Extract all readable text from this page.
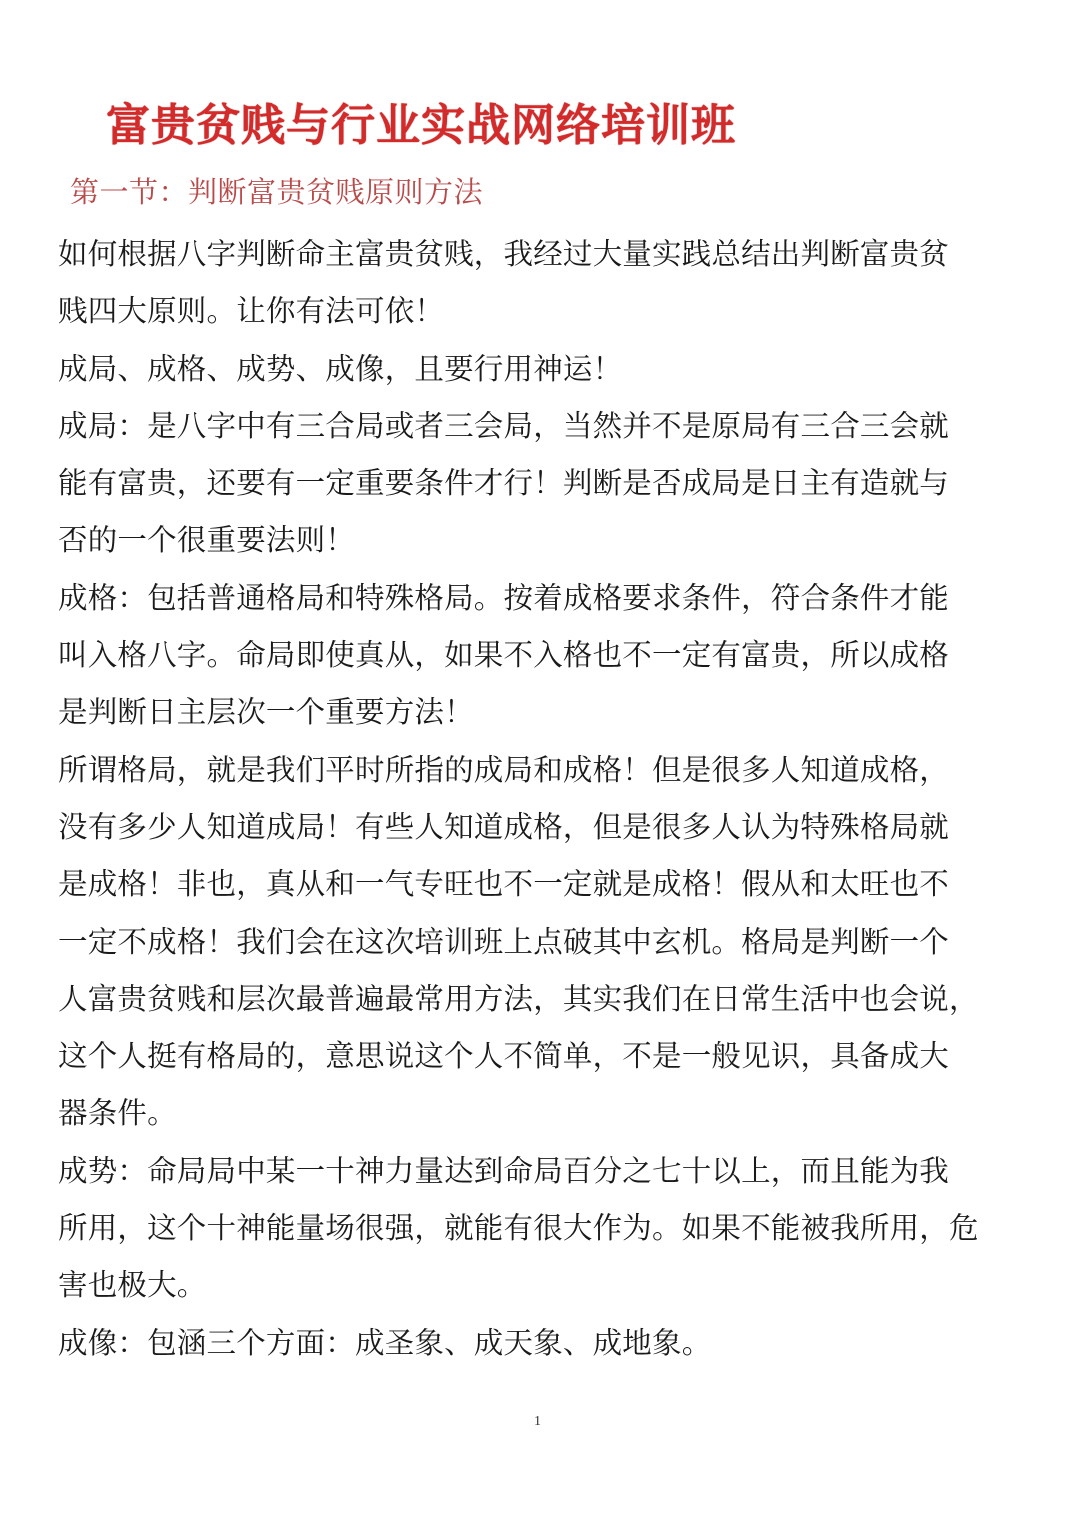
富贵贫贱与行业实战网络培训班
第一节：判断富贵贫贱原则方法
如何根据八字判断命主富贵贫贱，我经过大量实践总结出判断富贵贫
贱四大原则。让你有法可依！
成局、成格、成势、成像，且要行用神运！
成局：是八字中有三合局或者三会局，当然并不是原局有三合三会就
能有富贵，还要有一定重要条件才行！判断是否成局是日主有造就与
否的一个很重要法则！
成格：包括普通格局和特殊格局。按着成格要求条件，符合条件才能
叫入格八字。命局即使真从，如果不入格也不一定有富贵，所以成格
是判断日主层次一个重要方法！
所谓格局，就是我们平时所指的成局和成格！但是很多人知道成格，
没有多少人知道成局！有些人知道成格，但是很多人认为特殊格局就
是成格！非也，真从和一气专旺也不一定就是成格！假从和太旺也不
一定不成格！我们会在这次培训班上点破其中玄机。格局是判断一个
人富贵贫贱和层次最普遍最常用方法，其实我们在日常生活中也会说，
这个人挺有格局的，意思说这个人不简单，不是一般见识，具备成大
器条件。
成势：命局局中某一十神力量达到命局百分之七十以上，而且能为我
所用，这个十神能量场很强，就能有很大作为。如果不能被我所用，危
害也极大。
成像：包涵三个方面：成圣象、成天象、成地象。
1
